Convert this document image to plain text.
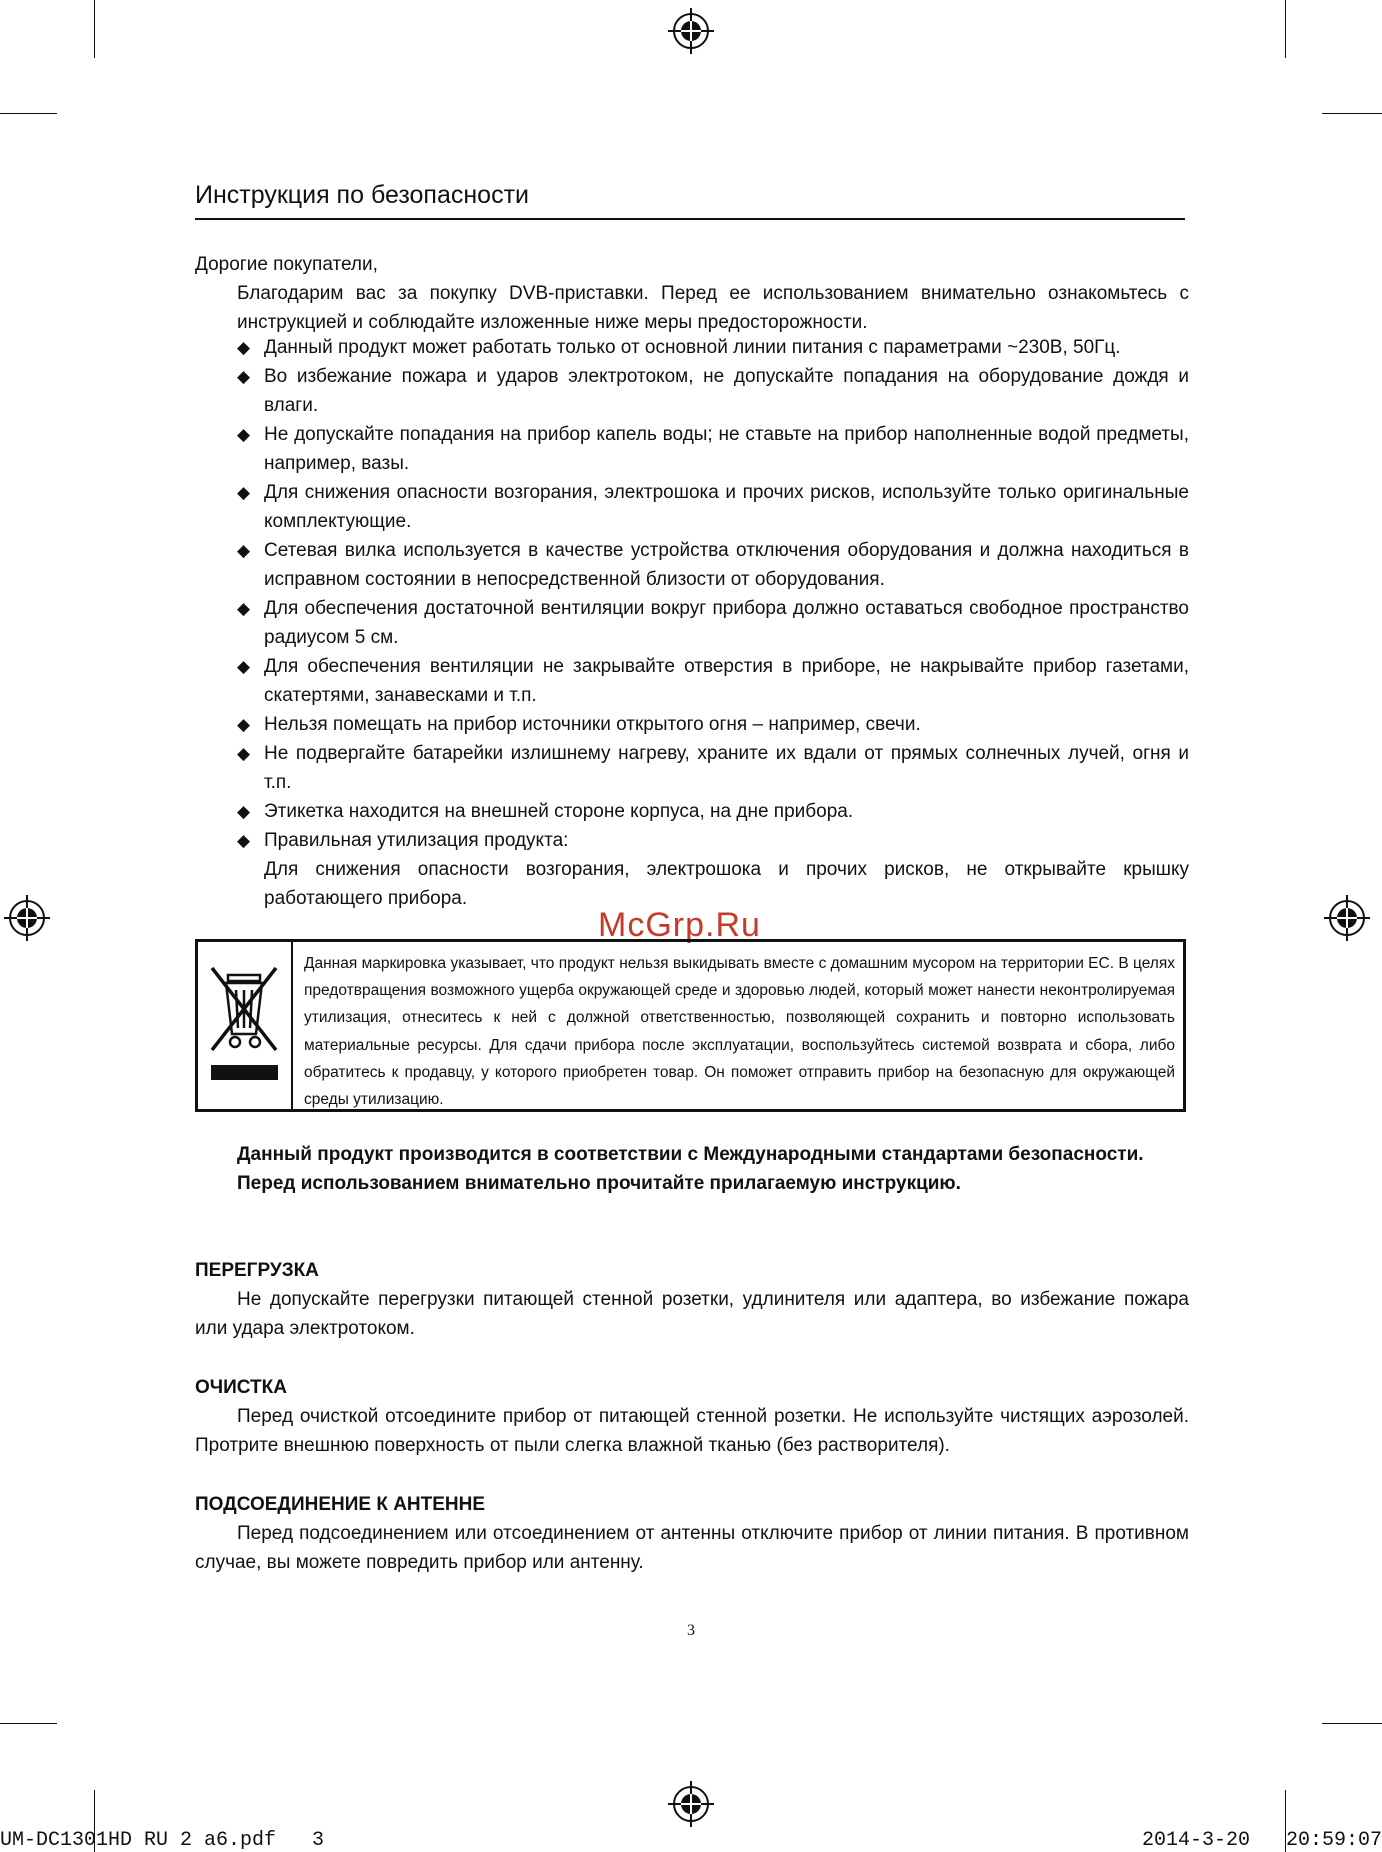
Инструкция по безопасности
Дорогие покупатели,
Благодарим вас за покупку DVB-приставки. Перед ее использованием внимательно ознакомьтесь с инструкцией и соблюдайте изложенные ниже меры предосторожности.
◆ Данный продукт может работать только от основной линии питания с параметрами ~230В, 50Гц.
◆ Во избежание пожара и ударов электротоком, не допускайте попадания на оборудование дождя и влаги.
◆ Не допускайте попадания на прибор капель воды; не ставьте на прибор наполненные водой предметы, например, вазы.
◆ Для снижения опасности возгорания, электрошока и прочих рисков, используйте только оригинальные комплектующие.
◆ Сетевая вилка используется в качестве устройства отключения оборудования и должна находиться в исправном состоянии в непосредственной близости от оборудования.
◆ Для обеспечения достаточной вентиляции вокруг прибора должно оставаться свободное пространство радиусом 5 см.
◆ Для обеспечения вентиляции не закрывайте отверстия в приборе, не накрывайте прибор газетами, скатертями, занавесками и т.п.
◆ Нельзя помещать на прибор источники открытого огня – например, свечи.
◆ Не подвергайте батарейки излишнему нагреву, храните их вдали от прямых солнечных лучей, огня и т.п.
◆ Этикетка находится на внешней стороне корпуса, на дне прибора.
◆ Правильная утилизация продукта:
Для снижения опасности возгорания, электрошока и прочих рисков, не открывайте крышку работающего прибора.
McGrp.Ru
Данная маркировка указывает, что продукт нельзя выкидывать вместе с домашним мусором на территории ЕС. В целях предотвращения возможного ущерба окружающей среде и здоровью людей, который может нанести неконтролируемая утилизация, отнеситесь к ней с должной ответственностью, позволяющей сохранить и повторно использовать материальные ресурсы. Для сдачи прибора после эксплуатации, воспользуйтесь системой возврата и сбора, либо обратитесь к продавцу, у которого приобретен товар. Он поможет отправить прибор на безопасную для окружающей среды утилизацию.
Данный продукт производится в соответствии с Международными стандартами безопасности.
Перед использованием внимательно прочитайте прилагаемую инструкцию.
ПЕРЕГРУЗКА
Не допускайте перегрузки питающей стенной розетки, удлинителя или адаптера, во избежание пожара или удара электротоком.
ОЧИСТКА
Перед очисткой отсоедините прибор от питающей стенной розетки. Не используйте чистящих аэрозолей. Протрите внешнюю поверхность от пыли слегка влажной тканью (без растворителя).
ПОДСОЕДИНЕНИЕ К АНТЕННЕ
Перед подсоединением или отсоединением от антенны отключите прибор от линии питания. В противном случае, вы можете повредить прибор или антенну.
3
UM-DC1301HD RU 2 a6.pdf   3	2014-3-20   20:59:07
